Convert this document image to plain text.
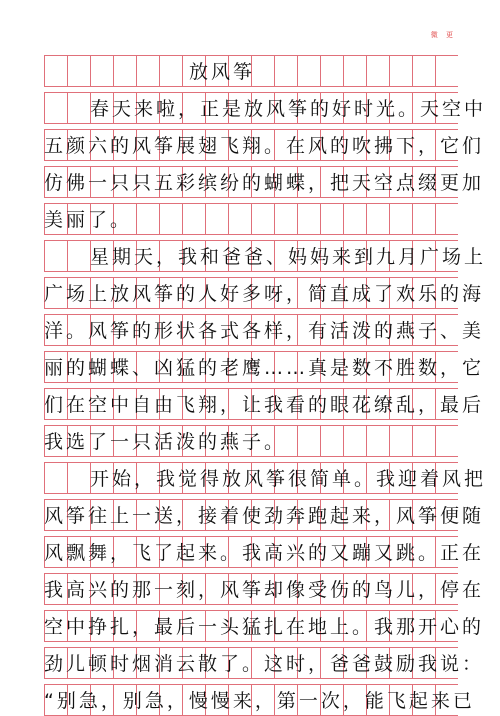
微 更
放风筝
春天来啦，正是放风筝的好时光。天空中
五颜六的风筝展翅飞翔。在风的吹拂下，它们
仿佛一只只五彩缤纷的蝴蝶，把天空点缀更加
美丽了。
星期天，我和爸爸、妈妈来到九月广场上
广场上放风筝的人好多呀，简直成了欢乐的海
洋。风筝的形状各式各样，有活泼的燕子、美
丽的蝴蝶、凶猛的老鹰……真是数不胜数，它
们在空中自由飞翔，让我看的眼花缭乱，最后
我选了一只活泼的燕子。
开始，我觉得放风筝很简单。我迎着风把
风筝往上一送，接着使劲奔跑起来，风筝便随
风飘舞，飞了起来。我高兴的又蹦又跳。正在
我高兴的那一刻，风筝却像受伤的鸟儿，停在
空中挣扎，最后一头猛扎在地上。我那开心的
劲儿顿时烟消云散了。这时，爸爸鼓励我说：
“别急，别急，慢慢来，第一次，能飞起来已
